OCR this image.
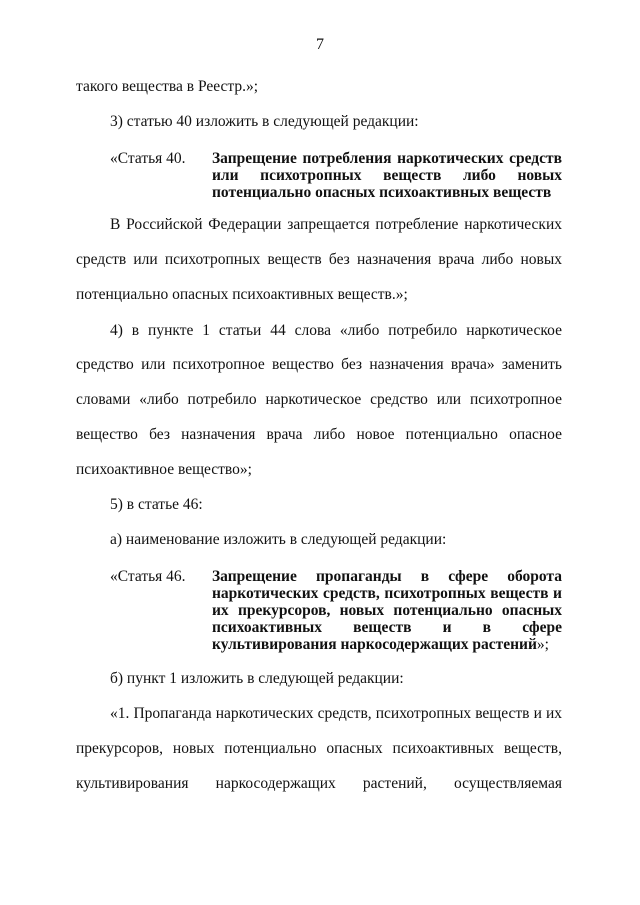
7
такого вещества в Реестр.»;
3) статью 40 изложить в следующей редакции:
«Статья 40. Запрещение потребления наркотических средств
или психотропных веществ либо новых
потенциально опасных психоактивных веществ
В Российской Федерации запрещается потребление наркотических
средств или психотропных веществ без назначения врача либо новых
потенциально опасных психоактивных веществ.»;
4) в пункте 1 статьи 44 слова «либо потребило наркотическое
средство или психотропное вещество без назначения врача» заменить
словами «либо потребило наркотическое средство или психотропное
вещество без назначения врача либо новое потенциально опасное
психоактивное вещество»;
5) в статье 46:
а) наименование изложить в следующей редакции:
«Статья 46. Запрещение пропаганды в сфере оборота
наркотических средств, психотропных веществ и
их прекурсоров, новых потенциально опасных
психоактивных веществ и в сфере
культивирования наркосодержащих растений»;
б) пункт 1 изложить в следующей редакции:
«1. Пропаганда наркотических средств, психотропных веществ и их
прекурсоров, новых потенциально опасных психоактивных веществ,
культивирования наркосодержащих растений, осуществляемая
